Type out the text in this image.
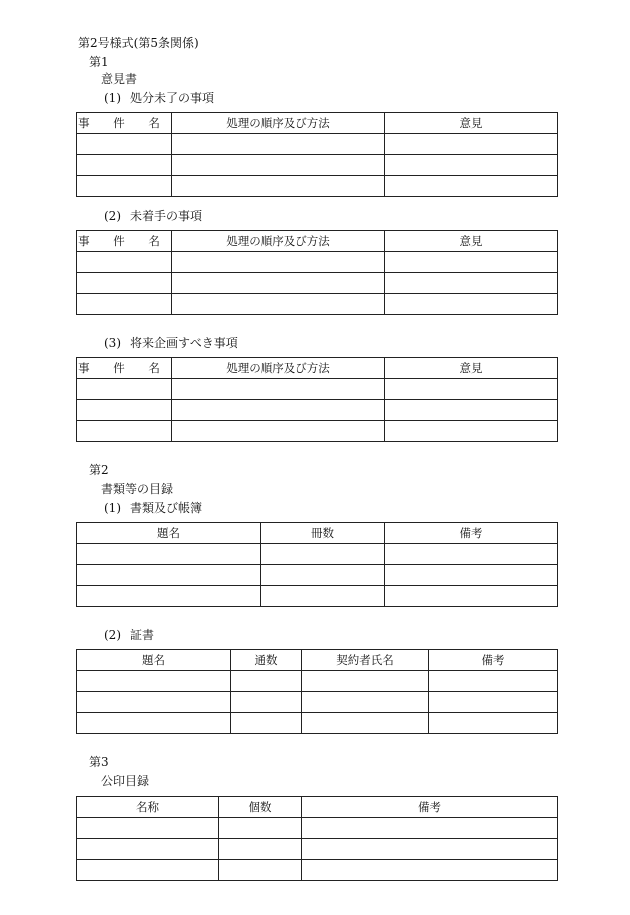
第2号様式(第5条関係)
第1
意見書
(1) 処分未了の事項
事 件 名	処理の順序及び方法	意見

(2) 未着手の事項
事 件 名	処理の順序及び方法	意見

(3) 将来企画すべき事項
事 件 名	処理の順序及び方法	意見

第2
書類等の目録
(1) 書類及び帳簿
題名	冊数	備考

(2) 証書
題名	通数	契約者氏名	備考

第3
公印目録
名称	個数	備考
